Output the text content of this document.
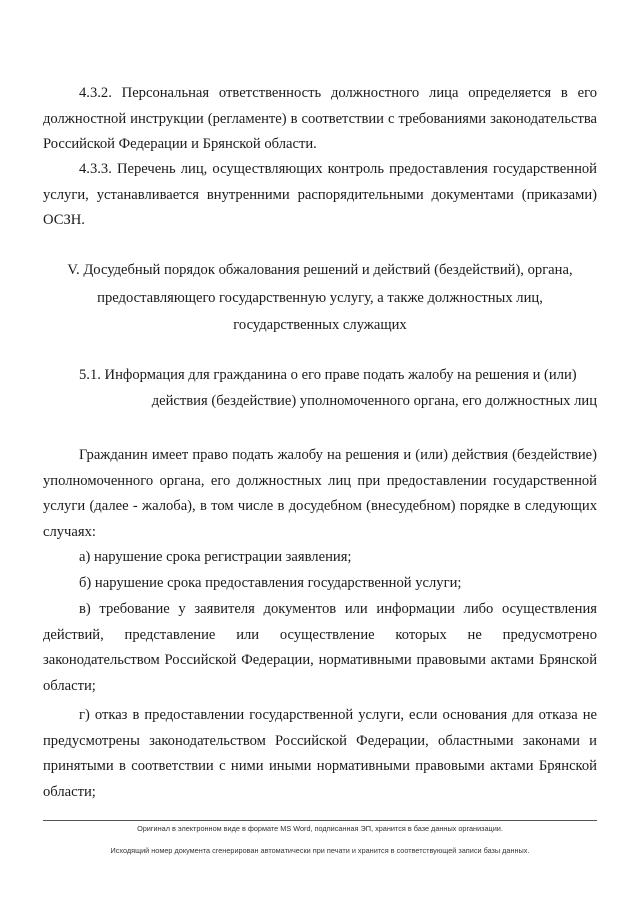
4.3.2. Персональная ответственность должностного лица определяется в его должностной инструкции (регламенте) в соответствии с требованиями законодательства Российской Федерации и Брянской области.

4.3.3. Перечень лиц, осуществляющих контроль предоставления государственной услуги, устанавливается внутренними распорядительными документами (приказами) ОСЗН.

V. Досудебный порядок обжалования решений и действий (бездействий), органа,
предоставляющего государственную услугу, а также должностных лиц,
государственных служащих
5.1. Информация для гражданина о его праве подать жалобу на решения и (или)
действия (бездействие) уполномоченного органа, его должностных лиц

Гражданин имеет право подать жалобу на решения и (или) действия (бездействие) уполномоченного органа, его должностных лиц при предоставлении государственной услуги (далее - жалоба), в том числе в досудебном (внесудебном) порядке в следующих случаях:

а) нарушение срока регистрации заявления;

б) нарушение срока предоставления государственной услуги;

в) требование у заявителя документов или информации либо осуществления действий, представление или осуществление которых не предусмотрено законодательством Российской Федерации, нормативными правовыми актами Брянской области;

г) отказ в предоставлении государственной услуги, если основания для отказа не предусмотрены законодательством Российской Федерации, областными законами и принятыми в соответствии с ними иными нормативными правовыми актами Брянской области;

Оригинал в электронном виде в формате MS Word, подписанная ЭП, хранится в базе данных организации.

Исходящий номер документа сгенерирован автоматически при печати и хранится в соответствующей записи базы данных.
